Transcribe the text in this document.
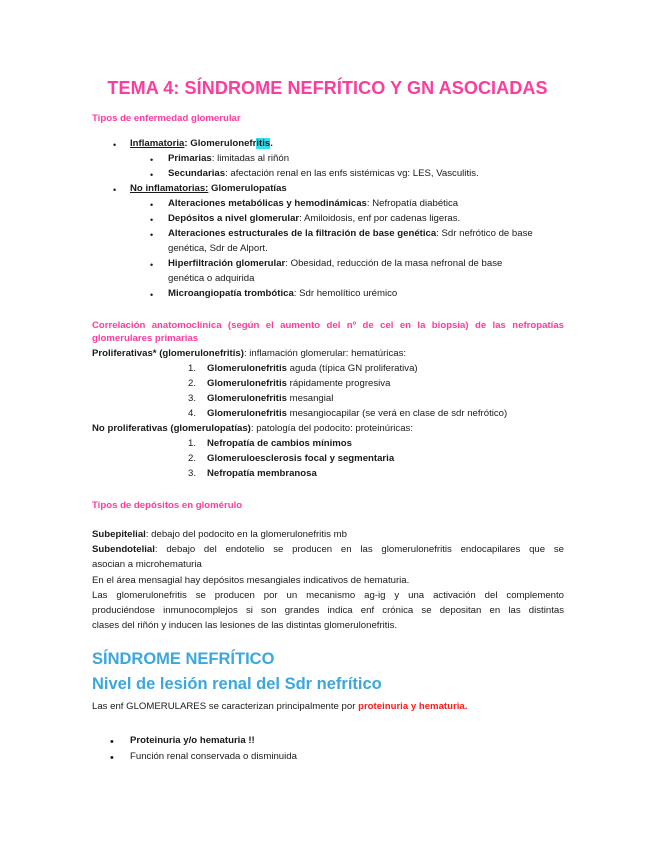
TEMA 4: SÍNDROME NEFRÍTICO Y GN ASOCIADAS
Tipos de enfermedad glomerular
• Inflamatoria: Glomerulonefritis.
• Primarias: limitadas al riñón
• Secundarias: afectación renal en las enfs sistémicas vg: LES, Vasculitis.
• No inflamatorias: Glomerulopatías
• Alteraciones metabólicas y hemodinámicas: Nefropatía diabética
• Depósitos a nivel glomerular: Amiloidosis, enf por cadenas ligeras.
• Alteraciones estructurales de la filtración de base genética: Sdr nefrótico de base
genética, Sdr de Alport.
• Hiperfiltración glomerular: Obesidad, reducción de la masa nefronal de base
genética o adquirida
• Microangiopatía trombótica: Sdr hemolítico urémico
Correlación anatomoclínica (según el aumento del nº de cel en la biopsia) de las nefropatías
glomerulares primarias
Proliferativas* (glomerulonefritis): inflamación glomerular: hematúricas:
1. Glomerulonefritis aguda (típica GN proliferativa)
2. Glomerulonefritis rápidamente progresiva
3. Glomerulonefritis mesangial
4. Glomerulonefritis mesangiocapilar (se verá en clase de sdr nefrótico)
No proliferativas (glomerulopatías): patología del podocito: proteinúricas:
1. Nefropatía de cambios mínimos
2. Glomeruloesclerosis focal y segmentaria
3. Nefropatía membranosa
Tipos de depósitos en glomérulo
Subepitelial: debajo del podocito en la glomerulonefritis mb
Subendotelial: debajo del endotelio se producen en las glomerulonefritis endocapilares que se
asocian a microhematuria
En el área mensagial hay depósitos mesangiales indicativos de hematuria.
Las glomerulonefritis se producen por un mecanismo ag-ig y una activación del complemento
produciéndose inmunocomplejos si son grandes indica enf crónica se depositan en las distintas
clases del riñón y inducen las lesiones de las distintas glomerulonefritis.
SÍNDROME NEFRÍTICO
Nivel de lesión renal del Sdr nefrítico
Las enf GLOMERULARES se caracterizan principalmente por proteinuria y hematuria.
• Proteinuria y/o hematuria !!
• Función renal conservada o disminuida
